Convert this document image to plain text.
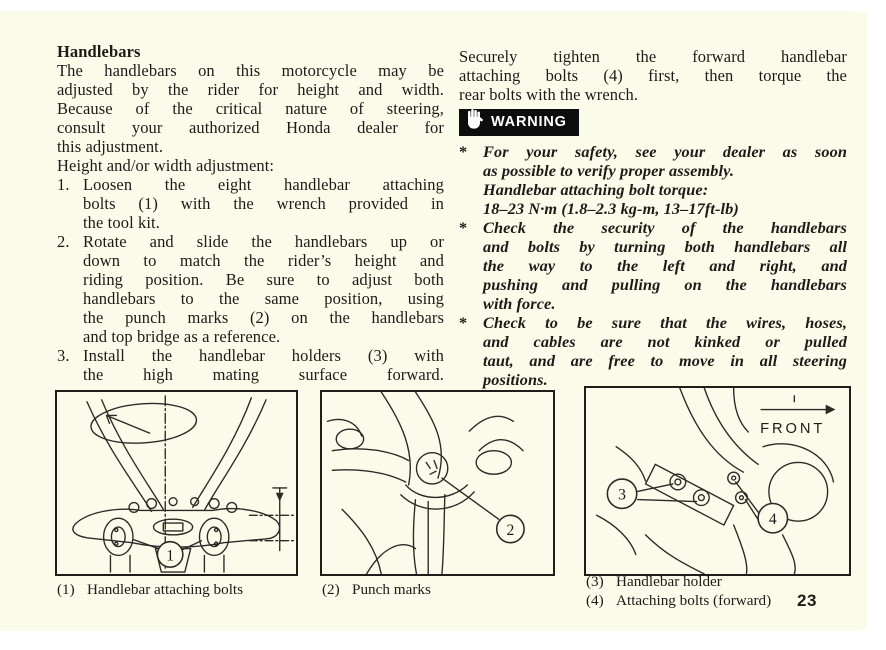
Handlebars
The handlebars on this motorcycle may be
adjusted by the rider for height and width.
Because of the critical nature of steering,
consult your authorized Honda dealer for
this adjustment.
Height and/or width adjustment:
1. Loosen the eight handlebar attaching
bolts (1) with the wrench provided in
the tool kit.
2. Rotate and slide the handlebars up or
down to match the rider’s height and
riding position. Be sure to adjust both
handlebars to the same position, using
the punch marks (2) on the handlebars
and top bridge as a reference.
3. Install the handlebar holders (3) with
the high mating surface forward.
Securely tighten the forward handlebar
attaching bolts (4) first, then torque the
rear bolts with the wrench.
WARNING
* For your safety, see your dealer as soon
as possible to verify proper assembly.
Handlebar attaching bolt torque:
18–23 N·m (1.8–2.3 kg-m, 13–17ft-lb)
* Check the security of the handlebars
and bolts by turning both handlebars all
the way to the left and right, and
pushing and pulling on the handlebars
with force.
* Check to be sure that the wires, hoses,
and cables are not kinked or pulled
taut, and are free to move in all steering
positions.
1
2
FRONT
3
4
(1) Handlebar attaching bolts	(2) Punch marks	(3) Handlebar holder
(4) Attaching bolts (forward)	23
